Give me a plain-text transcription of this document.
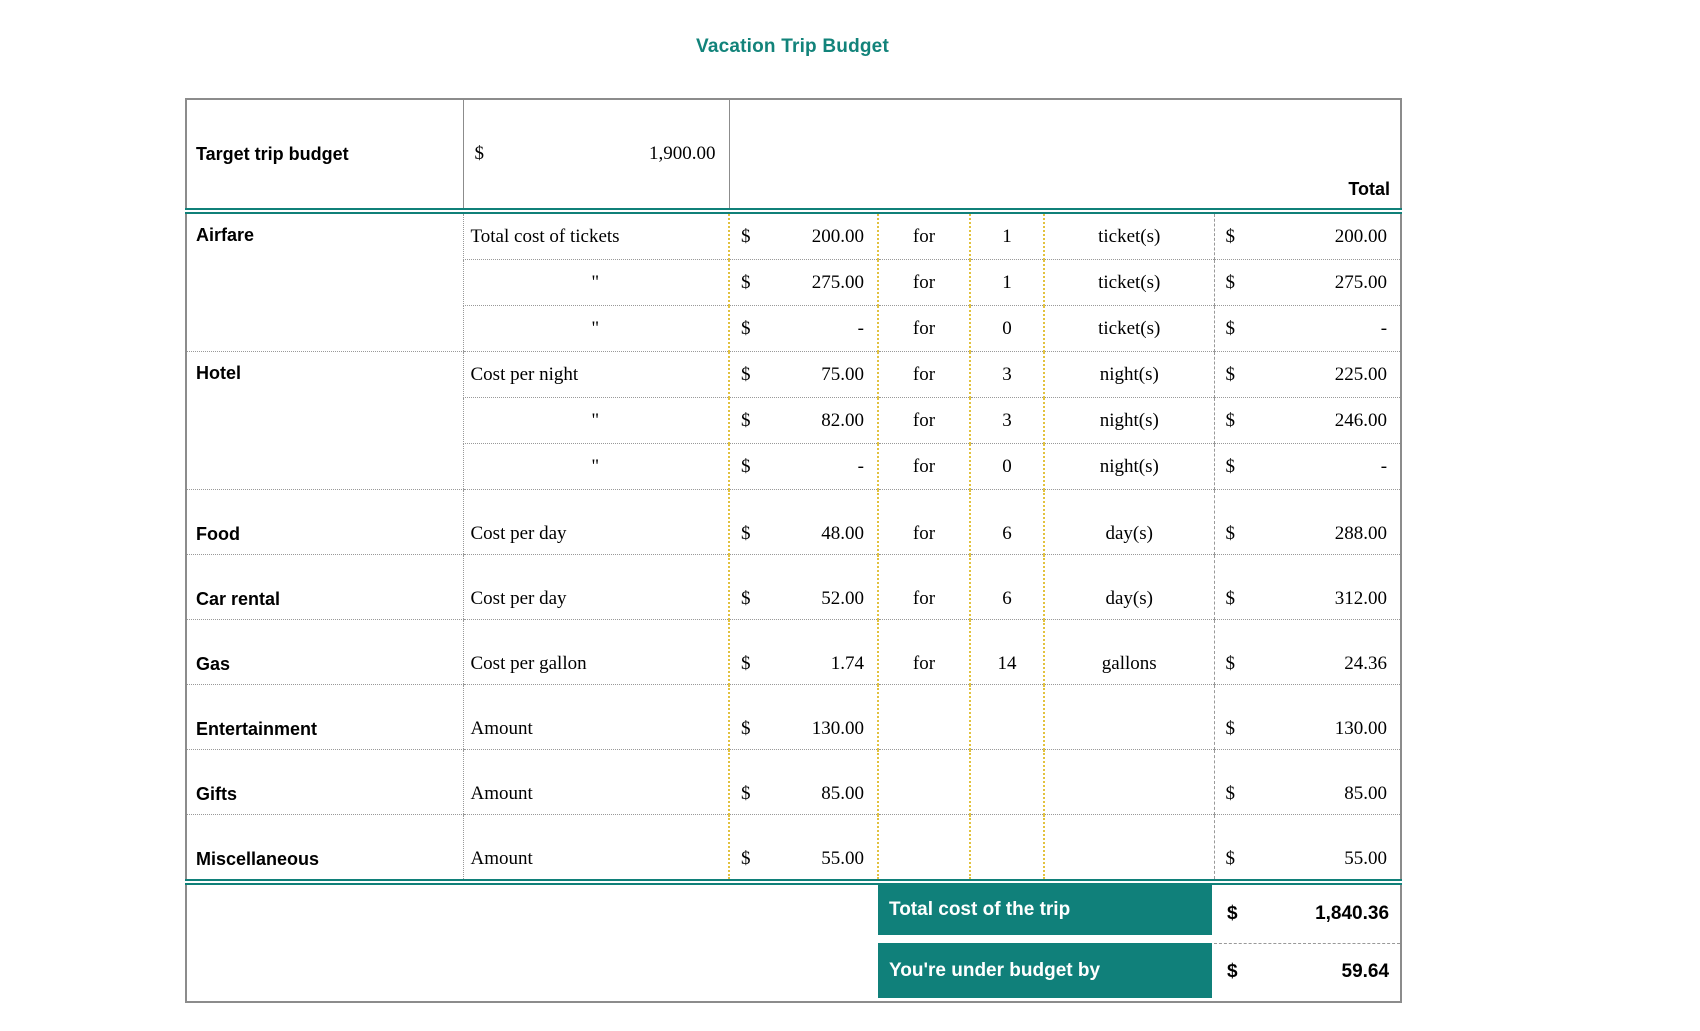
Vacation Trip Budget
Target trip budget	$ 1,900.00	Total				
Airfare	Total cost of tickets	$ 200.00	for	1	ticket(s)	$ 200.00

	"	$ 275.00	for	1	ticket(s)	$ 275.00

	"	$ -	for	0	ticket(s)	$ -

Hotel	Cost per night	$ 75.00	for	3	night(s)	$ 225.00

	"	$ 82.00	for	3	night(s)	$ 246.00

	"	$ -	for	0	night(s)	$ -

Food	Cost per day	$ 48.00	for	6	day(s)	$ 288.00

Car rental	Cost per day	$ 52.00	for	6	day(s)	$ 312.00

Gas	Cost per gallon	$ 1.74	for	14	gallons	$ 24.36

Entertainment	Amount	$ 130.00				$ 130.00

Gifts	Amount	$ 85.00				$ 85.00

Miscellaneous	Amount	$ 55.00				$ 55.00

Total cost of the trip			$ 1,840.36

You're under budget by			$ 59.64
